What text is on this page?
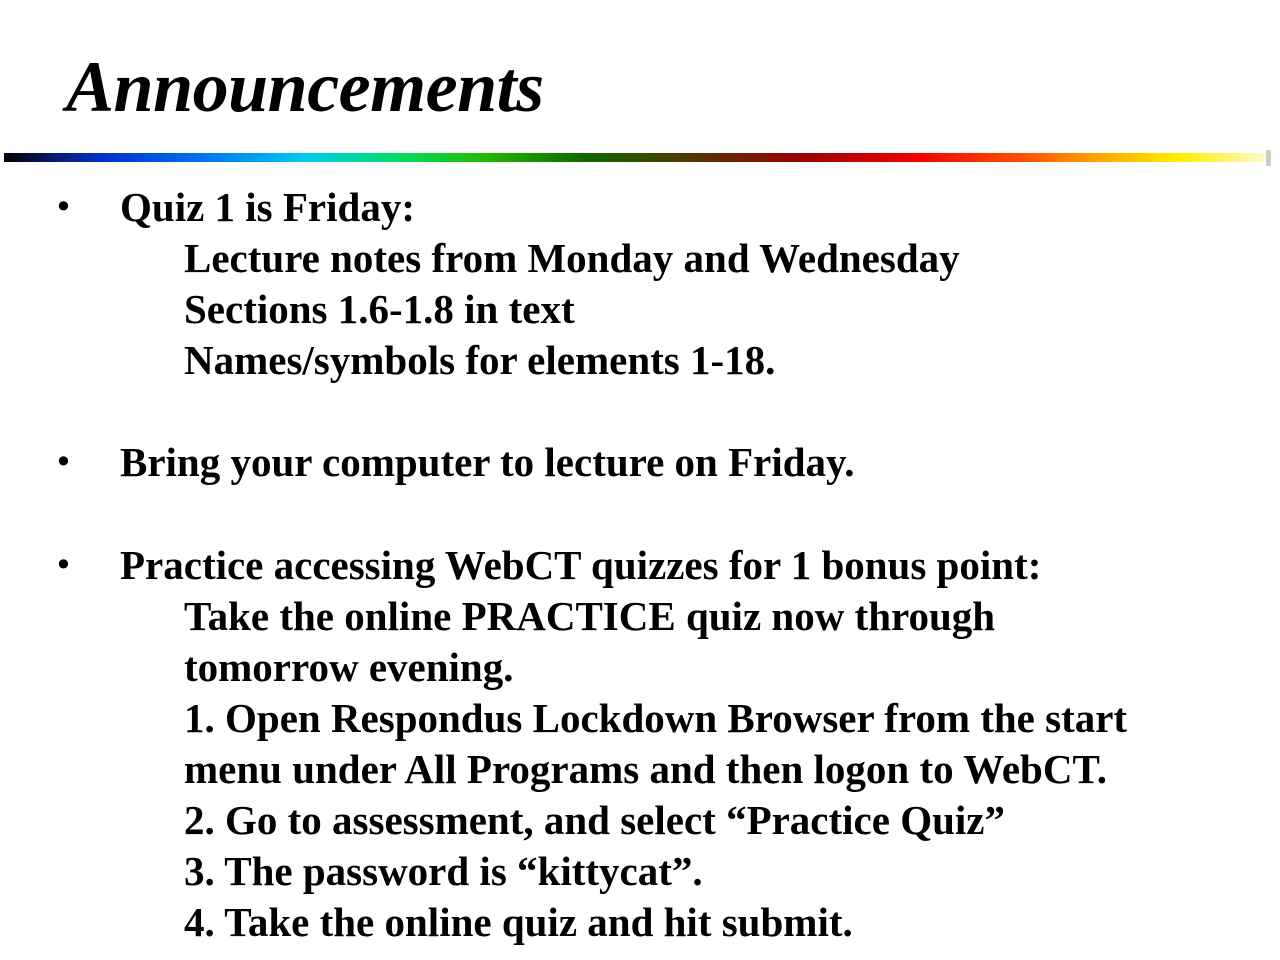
Announcements
• Quiz 1 is Friday:
Lecture notes from Monday and Wednesday
Sections 1.6-1.8 in text
Names/symbols for elements 1-18.
• Bring your computer to lecture on Friday.
• Practice accessing WebCT quizzes for 1 bonus point:
Take the online PRACTICE quiz now through
tomorrow evening.
1. Open Respondus Lockdown Browser from the start
menu under All Programs and then logon to WebCT.
2. Go to assessment, and select “Practice Quiz”
3. The password is “kittycat”.
4. Take the online quiz and hit submit.
